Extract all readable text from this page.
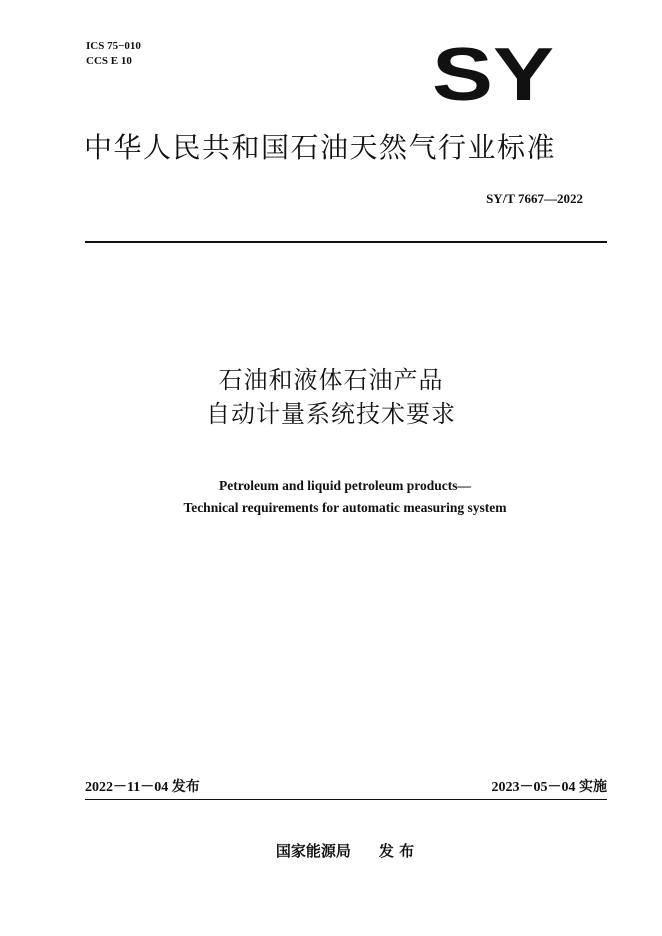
ICS 75−010
CCS E 10	SY
中华人民共和国石油天然气行业标准
SY/T 7667—2022
石油和液体石油产品
自动计量系统技术要求
Petroleum and liquid petroleum products—
Technical requirements for automatic measuring system
2022－11－04 发布	2023－05－04 实施
国家能源局 发 布
